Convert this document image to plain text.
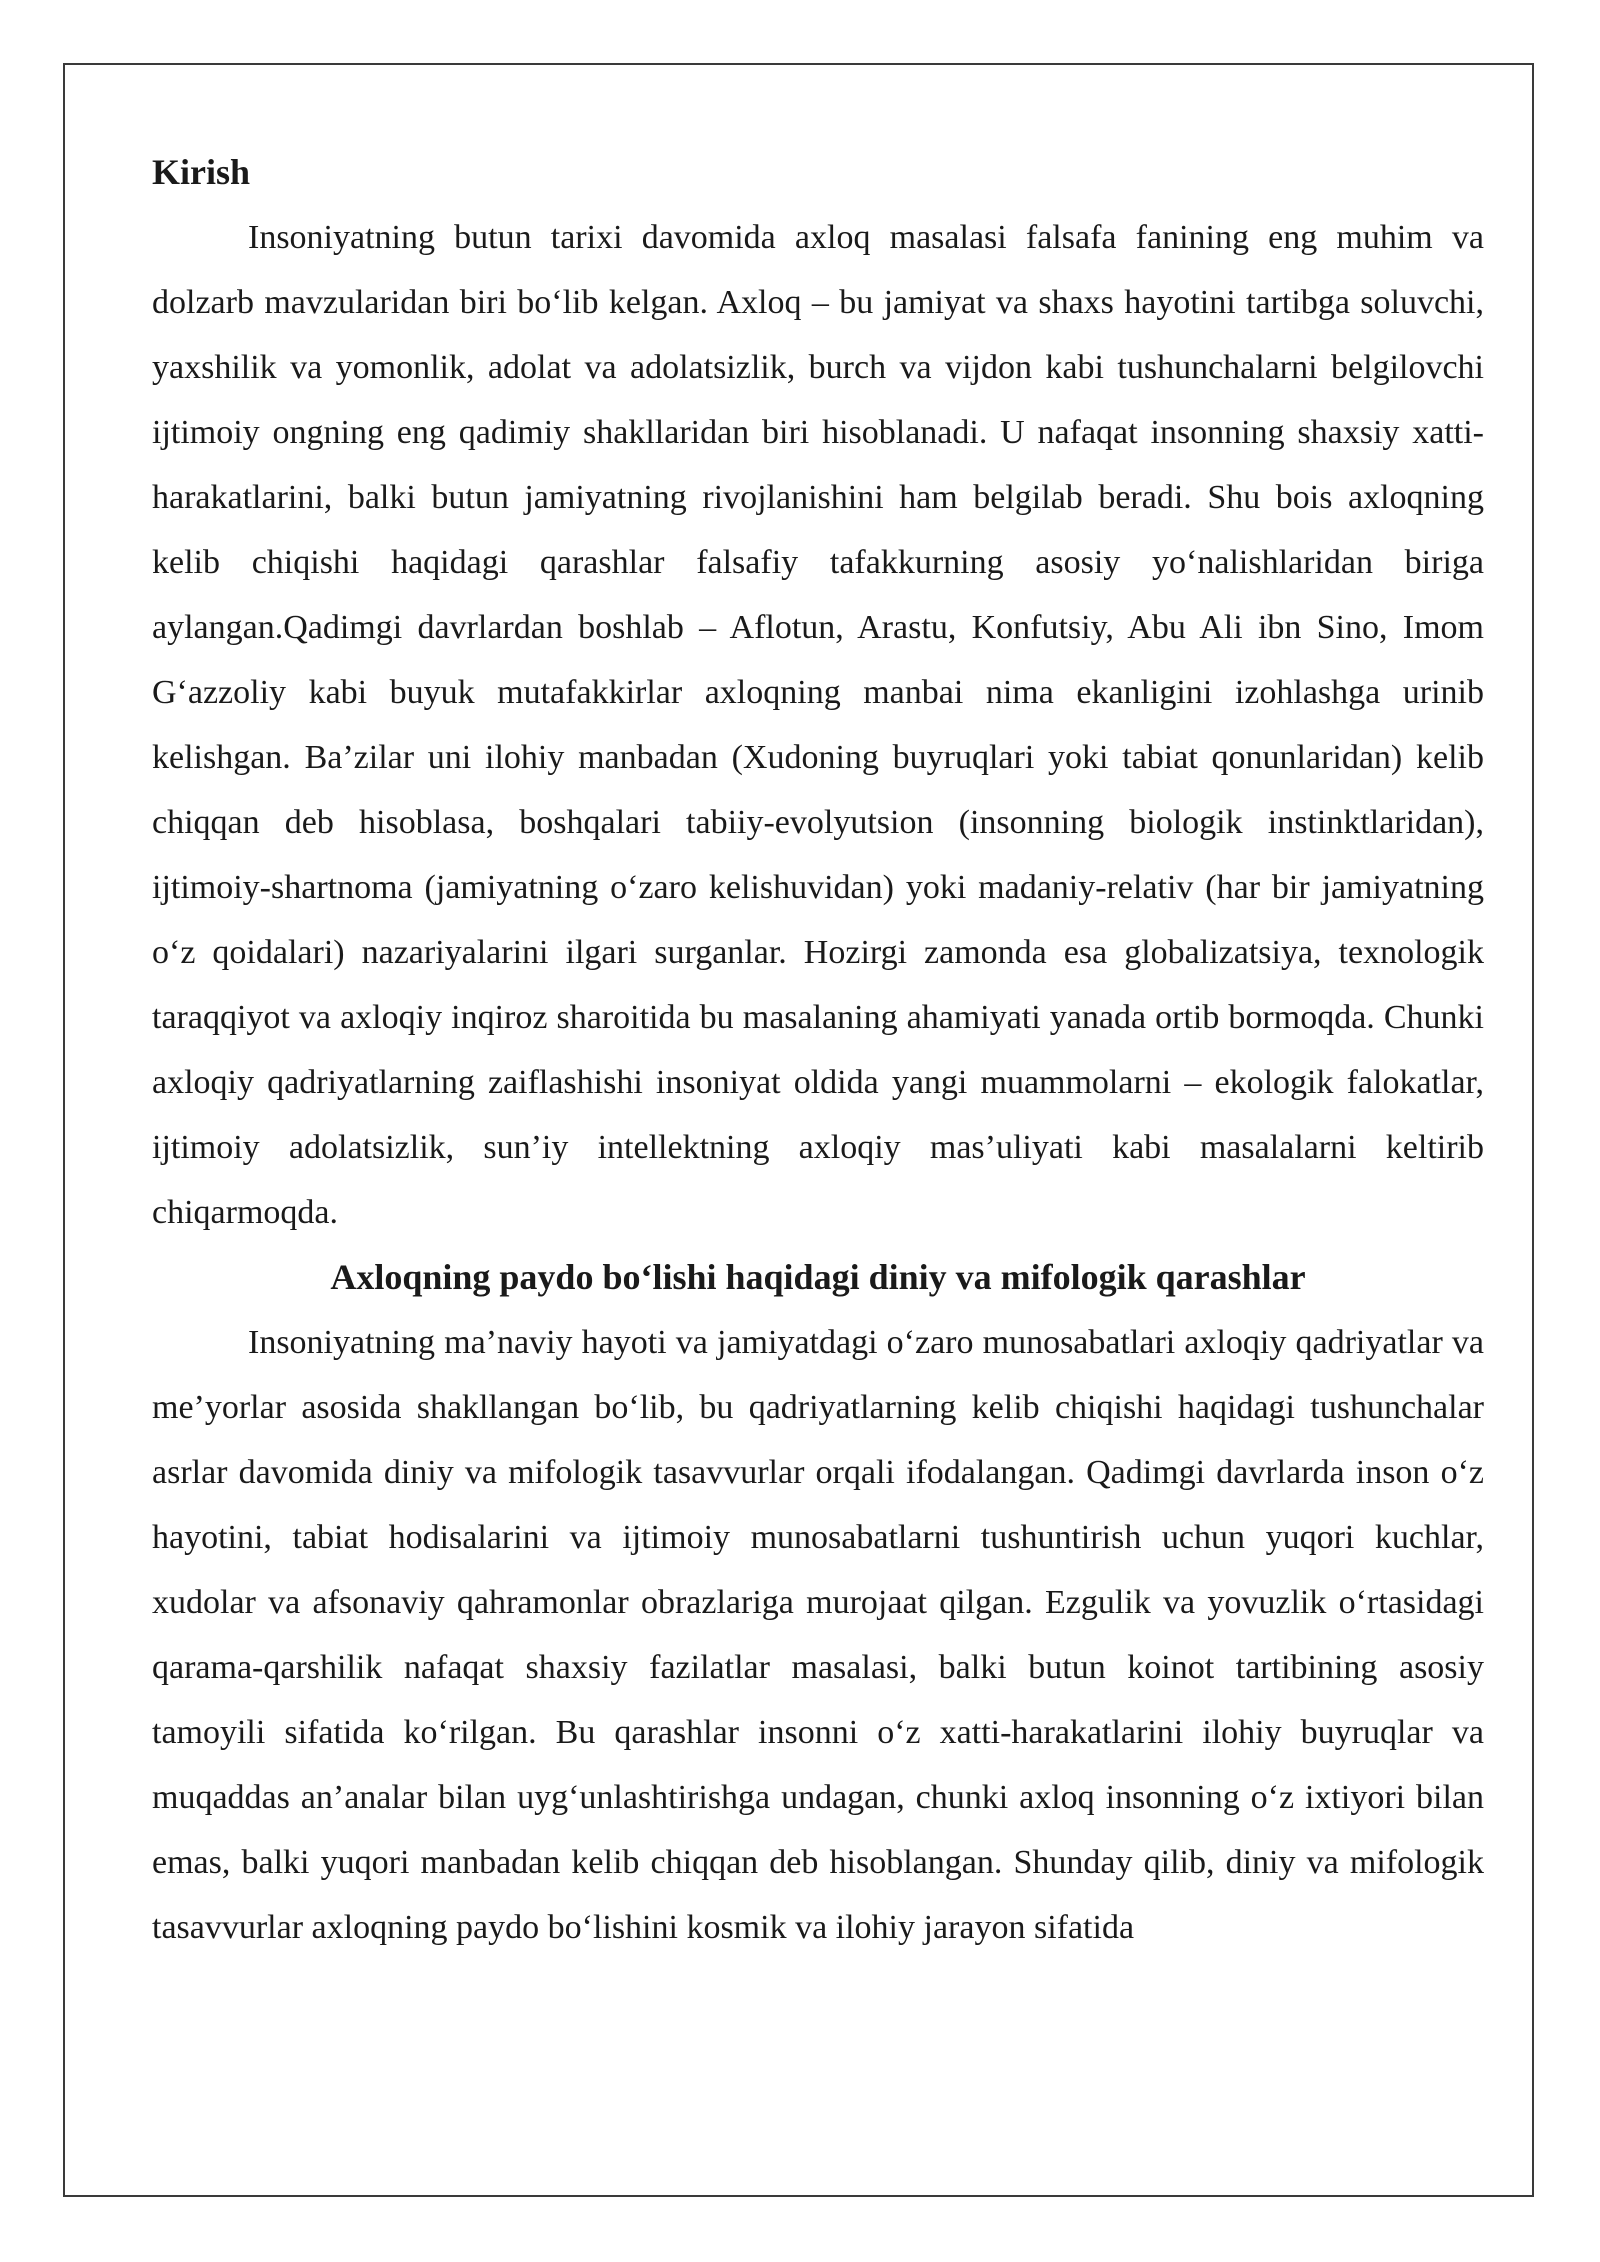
Kirish

Insoniyatning butun tarixi davomida axloq masalasi falsafa fanining eng muhim va dolzarb mavzularidan biri bo‘lib kelgan. Axloq – bu jamiyat va shaxs hayotini tartibga soluvchi, yaxshilik va yomonlik, adolat va adolatsizlik, burch va vijdon kabi tushunchalarni belgilovchi ijtimoiy ongning eng qadimiy shakllaridan biri hisoblanadi. U nafaqat insonning shaxsiy xatti-harakatlarini, balki butun jamiyatning rivojlanishini ham belgilab beradi. Shu bois axloqning kelib chiqishi haqidagi qarashlar falsafiy tafakkurning asosiy yo‘nalishlaridan biriga aylangan.Qadimgi davrlardan boshlab – Aflotun, Arastu, Konfutsiy, Abu Ali ibn Sino, Imom G‘azzoliy kabi buyuk mutafakkirlar axloqning manbai nima ekanligini izohlashga urinib kelishgan. Ba’zilar uni ilohiy manbadan (Xudoning buyruqlari yoki tabiat qonunlaridan) kelib chiqqan deb hisoblasa, boshqalari tabiiy-evolyutsion (insonning biologik instinktlaridan), ijtimoiy-shartnoma (jamiyatning o‘zaro kelishuvidan) yoki madaniy-relativ (har bir jamiyatning o‘z qoidalari) nazariyalarini ilgari surganlar. Hozirgi zamonda esa globalizatsiya, texnologik taraqqiyot va axloqiy inqiroz sharoitida bu masalaning ahamiyati yanada ortib bormoqda. Chunki axloqiy qadriyatlarning zaiflashishi insoniyat oldida yangi muammolarni – ekologik falokatlar, ijtimoiy adolatsizlik, sun’iy intellektning axloqiy mas’uliyati kabi masalalarni keltirib chiqarmoqda.

Axloqning paydo bo‘lishi haqidagi diniy va mifologik qarashlar

Insoniyatning ma’naviy hayoti va jamiyatdagi o‘zaro munosabatlari axloqiy qadriyatlar va me’yorlar asosida shakllangan bo‘lib, bu qadriyatlarning kelib chiqishi haqidagi tushunchalar asrlar davomida diniy va mifologik tasavvurlar orqali ifodalangan. Qadimgi davrlarda inson o‘z hayotini, tabiat hodisalarini va ijtimoiy munosabatlarni tushuntirish uchun yuqori kuchlar, xudolar va afsonaviy qahramonlar obrazlariga murojaat qilgan. Ezgulik va yovuzlik o‘rtasidagi qarama-qarshilik nafaqat shaxsiy fazilatlar masalasi, balki butun koinot tartibining asosiy tamoyili sifatida ko‘rilgan. Bu qarashlar insonni o‘z xatti-harakatlarini ilohiy buyruqlar va muqaddas an’analar bilan uyg‘unlashtirishga undagan, chunki axloq insonning o‘z ixtiyori bilan emas, balki yuqori manbadan kelib chiqqan deb hisoblangan. Shunday qilib, diniy va mifologik tasavvurlar axloqning paydo bo‘lishini kosmik va ilohiy jarayon sifatida
